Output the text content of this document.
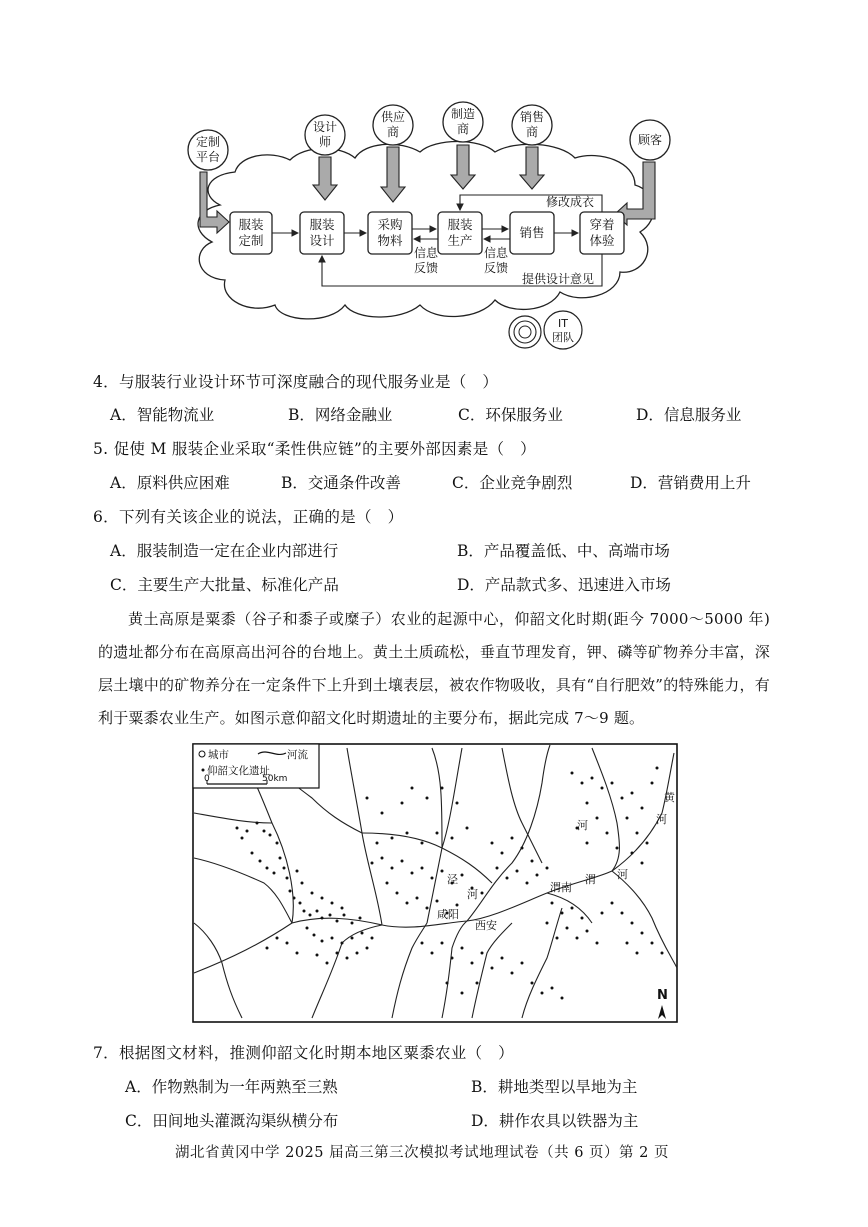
定制平台
设计师
供应商
制造商
销售商
顾客
服装定制
服装设计
采购物料
服装生产
销售
穿着体验
信息反馈
信息反馈
修改成衣
提供设计意见
IT 团队
4．与服装行业设计环节可深度融合的现代服务业是（　）
A．智能物流业	B．网络金融业	C．环保服务业	D．信息服务业
5. 促使 M 服装企业采取“柔性供应链”的主要外部因素是（　）
A．原料供应困难	B．交通条件改善	C．企业竞争剧烈	D．营销费用上升
6．下列有关该企业的说法，正确的是（　）
A．服装制造一定在企业内部进行	B．产品覆盖低、中、高端市场
C．主要生产大批量、标准化产品	D．产品款式多、迅速进入市场
黄土高原是粟黍（谷子和黍子或糜子）农业的起源中心，仰韶文化时期(距今 7000～5000 年)的遗址都分布在高原高出河谷的台地上。黄土土质疏松，垂直节理发育，钾、磷等矿物养分丰富，深层土壤中的矿物养分在一定条件下上升到土壤表层，被农作物吸收，具有“自行肥效”的特殊能力，有利于粟黍农业生产。如图示意仰韶文化时期遗址的主要分布，据此完成 7～9 题。
城市	河流
仰韶文化遗址
0	50km
黄
河
河
河
泾
河
渭南
渭
咸阳
西安
N
7．根据图文材料，推测仰韶文化时期本地区粟黍农业（　）
A．作物熟制为一年两熟至三熟	B．耕地类型以旱地为主
C．田间地头灌溉沟渠纵横分布	D．耕作农具以铁器为主
湖北省黄冈中学 2025 届高三第三次模拟考试地理试卷（共 6 页）第 2 页
